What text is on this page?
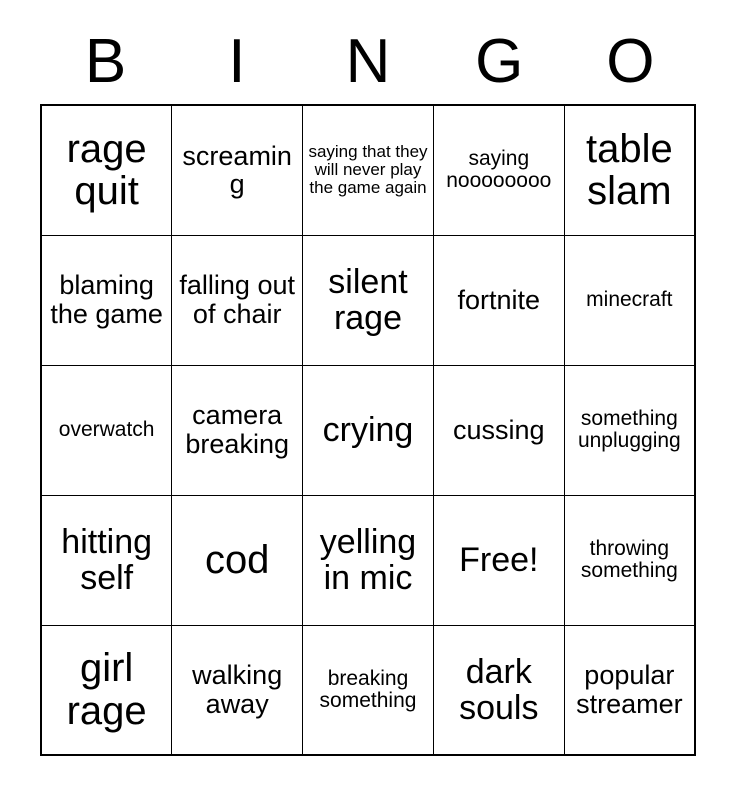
B	I	N	G	O
rage quit	screaming	saying that they will never play the game again	saying noooooooo	table slam

blaming the game	falling out of chair	silent rage	fortnite	minecraft

overwatch	camera breaking	crying	cussing	something unplugging

hitting self	cod	yelling in mic	Free!	throwing something

girl rage	walking away	breaking something	dark souls	popular streamer
